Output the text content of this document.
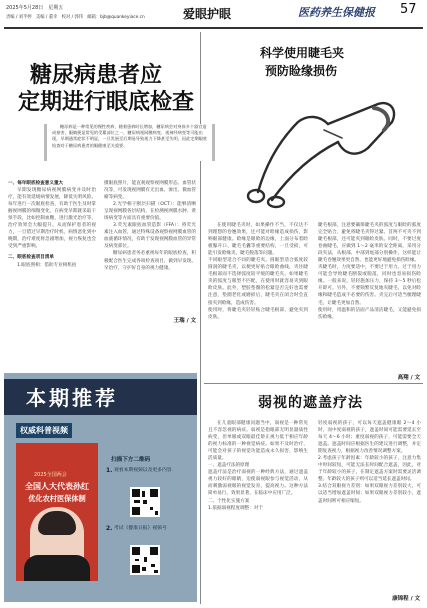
2025年5月28日　星期五
责编 / 刘乎婷　美编 / 董幸　校对 / 郭伟　邮箱：bjb@quankeyiace.cn	爱眼护眼	医药养生保健报 57
糖尿病患者应
定期进行眼底检查
糖尿病是一种常见的慢性疾病，随着患病时长增加，糖尿病会对身体多个器官造成损害，眼睛便是常见的受累部位之一，糖尿病视网膜病变、视神经病变等可能出现，早期通常症状不明显，一旦发展至后期易导致视力下降甚至失明，因此定期眼底检查对于糖尿病患者的眼健康至关重要。
一、每年眼底检查意义重大
早期发现糖尿病视网膜病变并及时治疗，能有效延缓病情发展，降低失明风险。每年进行一次眼底检查，有助于医生及时掌握视网膜的细微变化，在病变早期就采取干预手段，比如控制血糖，进行激光治疗等，治疗效果会大幅提升。从而保护患者的视力，一旦错过早期治疗时机，病情恶化到中晚期，治疗难度将急剧增加，视力恢复也会受到严重影响。
二、眼底检查项目清单
1.眼底照相：借助专业相机拍
摄眼底照片，能直观观察视网膜形态、血管状况等，可发现视网膜有无出血、渗出、微血管瘤等病变。
2.光学相干断层扫描（OCT）：能够清晰呈现视网膜各层结构，在检测视网膜水肿、黄斑病变等方面具有重要价值。
3.荧光素眼底血管造影（FFA）：将荧光素注入血管，通过特殊设备观察视网膜血管的血液循环情况，有助于发现视网膜血管的异常及病变部位。
糖尿病患者务必重视每年的眼底检查，积极配合医生完成各项检查项目，做到早发现、早治疗，守护好自身的视力健康。
王瑞 / 文
本期推荐
权威科普视频
2025全国两会
全国人大代表孙红
优化农村医保体制
扫描下方二维码
1. 观看本期视频以及更多内容
2. 考试《健康日报》视频号
科学使用睫毛夹
预防睑缘损伤
在使用睫毛夹时，如果操作不当，不仅达不到理想的卷翘效果，还可能对睑缘造成损伤，影响眼部健康。睑缘是眼睑的边缘，上面分布着睑板腺开口、睫毛毛囊等重要结构，一旦受损，可能引发睑缘炎、睫毛脱落等问题。
不同眼型适合不同的睫毛夹。圆眼型适合弧度较圆润的睫毛夹，以便更好贴合眼睑曲线，夹住睫毛根部而不选择弧度较平缓的睫毛夹。如果睫毛夹的弧度与眼型不匹配，在使用时就容易夹到眼睑皮肤。此外，塑胶垫圈的松紧是否完好也需要注意，垫圈老化或磨损后，睫毛夹在闭合时会直接夹到睑缘，造成伤害。
使用时，将睫毛夹轻轻贴合睫毛根部，避免夹到皮肤。
睫毛根部，注意要确保睫毛夹的弧度与眼睑的弧度完全贴合，避免将睫毛夹得过紧。首两不可夹不到睫毛根部，还可能夹到眼睑皮肤。同时，不要过度卷曲睫毛，应做到 1～2 毫米的安全距离，采用分段夹法，从根部、中部到尾部分别操作，这样能让睫毛卷翘效果更自然，也能更好地避免损伤睑缘。
夹睫毛时，力度要适中，不要过于用力。过于用力可能会导致睫毛断裂或脱落，同时也容易损伤睑缘。一般来说，轻轻施加压力，保持 3～5 秒后松开即可。另外，不要频繁反复地夹睫毛，以免对睑缘和睫毛造成不必要的伤害。夹完后可适当梳理睫毛，让睫毛更加自然。
使用时，用温和的洁面产品清洁睫毛，又能避免损伤睑缘。
高翔 / 文
弱视的遮盖疗法
在儿童眼部健康问题当中，弱视是一种常见且不容忽视的病症。弱视是指眼部无明显器质性病变，但单眼或双眼最佳矫正视力低于相应年龄的视力标准的一种视觉病症。如果不及时治疗，可能会对孩子的视觉功能造成永久损害，影响生活质量。
一、遮盖疗法的原理
遮盖疗法是治疗弱视的一种经典方法，通过遮盖视力较好的眼睛，迫使弱视眼参与视觉活动，从而刺激弱视眼的视觉发育，提高视力。这种方法简单易行，效果显著，在临床中应用广泛。
二、个性化实施方案
1.依据弱视程度调整：对于
轻度弱视的孩子，可以每天遮盖健康眼 2～4 小时，而中度弱视的孩子，遮盖时间可能需要延长至每天 4～6 小时；重度弱视的孩子，可能需要全天遮盖。遮盖时间应根据医生的建议进行调整，并定期复查视力，根据视力改善情况调整方案。
2.考虑孩子年龄因素：年龄较小的孩子，注意力集中时间较短，可能无法长时间配合遮盖，因此，对于年龄较小的孩子，在制定遮盖方案时需要灵活调整。年龄较大的孩子则可以适当延长遮盖时间。
3.结合双眼视力差别：如果双眼视力差别较大，可以适当增加遮盖时间；如果双眼视力差别较小，遮盖时间则可相应缩短。
康锦程 / 文
